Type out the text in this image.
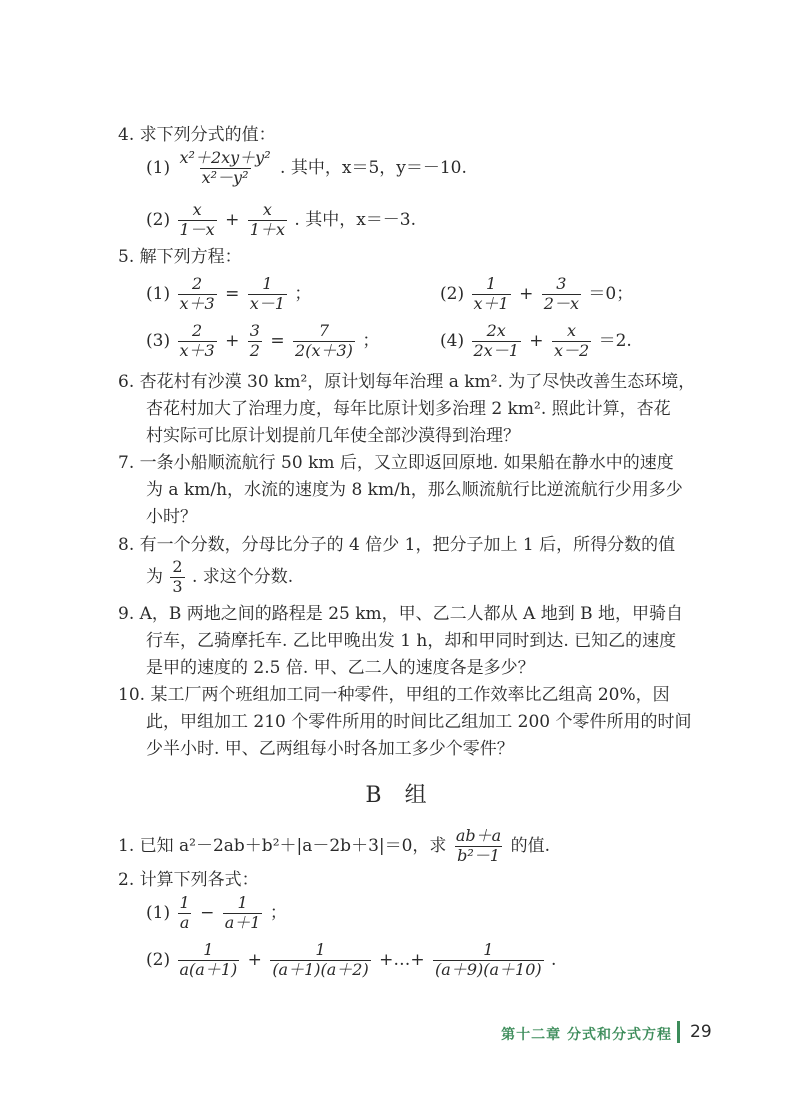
4. 求下列分式的值：
$(1) \frac{\text{x²＋2xy＋y²}}{\text{x²－y²}}$ . 其中，x＝5，y＝－10.
$(2) \frac{x}{1-x} + \frac{x}{1+x}$ . 其中，x＝－3.
5. 解下列方程：
$(1) \frac{2}{x+3} = \frac{1}{x-1}$ ；	$(2) \frac{1}{x+1} + \frac{3}{2-x} =0$；
$(3) \frac{2}{x+3} + \frac{3}{2} = \frac{7}{2(x+3)}$ ；	$(4) \frac{2x}{2x-1} + \frac{x}{x-2} =2$.
6. 杏花村有沙漠 30 km²，原计划每年治理 a km². 为了尽快改善生态环境，
杏花村加大了治理力度，每年比原计划多治理 2 km². 照此计算，杏花
村实际可比原计划提前几年使全部沙漠得到治理？
7. 一条小船顺流航行 50 km 后，又立即返回原地. 如果船在静水中的速度
为 a km/h，水流的速度为 8 km/h，那么顺流航行比逆流航行少用多少
小时？
8. 有一个分数，分母比分子的 4 倍少 1，把分子加上 1 后，所得分数的值
为 $\frac{2}{3}$ . 求这个分数.
9. A，B 两地之间的路程是 25 km，甲、乙二人都从 A 地到 B 地，甲骑自
行车，乙骑摩托车. 乙比甲晚出发 1 h，却和甲同时到达. 已知乙的速度
是甲的速度的 2.5 倍. 甲、乙二人的速度各是多少？
10. 某工厂两个班组加工同一种零件，甲组的工作效率比乙组高 20%，因
此，甲组加工 210 个零件所用的时间比乙组加工 200 个零件所用的时间
少半小时. 甲、乙两组每小时各加工多少个零件？
B 组
1. 已知 a²－2ab＋b²＋|a－2b＋3|＝0，求 $\frac{ab+a}{\text{b²－1}}$ 的值.
2. 计算下列各式：
$(1) \frac{1}{a} - \frac{1}{a+1}$ ；
$(2) \frac{1}{a(a+1)} + \frac{1}{(a+1)(a+2)}$ +…+ $\frac{1}{(a+9)(a+10)}$ .
第十二章 分式和分式方程 29
